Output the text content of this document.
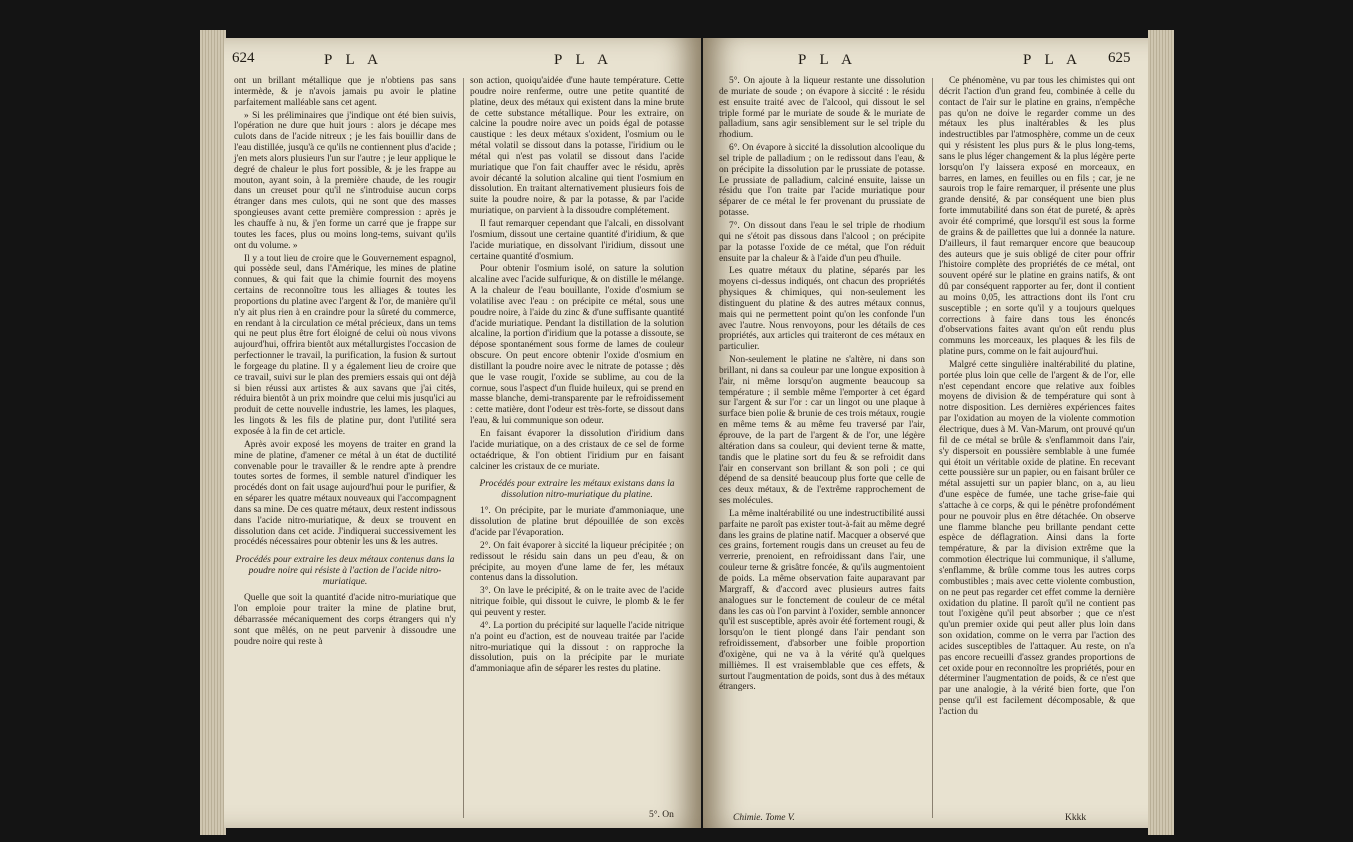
624	P L A	P L A

ont un brillant métallique que je n'obtiens pas sans intermède, & je n'avois jamais pu avoir le platine parfaitement malléable sans cet agent.

» Si les préliminaires que j'indique ont été bien suivis, l'opération ne dure que huit jours : alors je décape mes culots dans de l'acide nitreux ; je les fais bouillir dans de l'eau distillée, jusqu'à ce qu'ils ne contiennent plus d'acide ; j'en mets alors plusieurs l'un sur l'autre ; je leur applique le degré de chaleur le plus fort possible, & je les frappe au mouton, ayant soin, à la première chaude, de les rougir dans un creuset pour qu'il ne s'introduise aucun corps étranger dans mes culots, qui ne sont que des masses spongieuses avant cette première compression : après je les chauffe à nu, & j'en forme un carré que je frappe sur toutes les faces, plus ou moins long-tems, suivant qu'ils ont du volume. »

Il y a tout lieu de croire que le Gouvernement espagnol, qui possède seul, dans l'Amérique, les mines de platine connues, & qui fait que la chimie fournit des moyens certains de reconnoître tous les alliages & toutes les proportions du platine avec l'argent & l'or, de manière qu'il n'y ait plus rien à en craindre pour la sûreté du commerce, en rendant à la circulation ce métal précieux, dans un tems qui ne peut plus être fort éloigné de celui où nous vivons aujourd'hui, offrira bientôt aux métallurgistes l'occasion de perfectionner le travail, la purification, la fusion & surtout le forgeage du platine. Il y a également lieu de croire que ce travail, suivi sur le plan des premiers essais qui ont déjà si bien réussi aux artistes & aux savans que j'ai cités, réduira bientôt à un prix moindre que celui mis jusqu'ici au produit de cette nouvelle industrie, les lames, les plaques, les lingots & les fils de platine pur, dont l'utilité sera exposée à la fin de cet article.

Après avoir exposé les moyens de traiter en grand la mine de platine, d'amener ce métal à un état de ductilité convenable pour le travailler & le rendre apte à prendre toutes sortes de formes, il semble naturel d'indiquer les procédés dont on fait usage aujourd'hui pour le purifier, & en séparer les quatre métaux nouveaux qui l'accompagnent dans sa mine. De ces quatre métaux, deux restent indissous dans l'acide nitro-muriatique, & deux se trouvent en dissolution dans cet acide. J'indiquerai successivement les procédés nécessaires pour obtenir les uns & les autres.

Procédés pour extraire les deux métaux contenus dans la poudre noire qui résiste à l'action de l'acide nitro-muriatique.

Quelle que soit la quantité d'acide nitro-muriatique que l'on emploie pour traiter la mine de platine brut, débarrassée mécaniquement des corps étrangers qui n'y sont que mêlés, on ne peut parvenir à dissoudre une poudre noire qui reste à

son action, quoiqu'aidée d'une haute température. Cette poudre noire renferme, outre une petite quantité de platine, deux des métaux qui existent dans la mine brute de cette substance métallique. Pour les extraire, on calcine la poudre noire avec un poids égal de potasse caustique : les deux métaux s'oxident, l'osmium ou le métal volatil se dissout dans la potasse, l'iridium ou le métal qui n'est pas volatil se dissout dans l'acide muriatique que l'on fait chauffer avec le résidu, après avoir décanté la solution alcaline qui tient l'osmium en dissolution. En traitant alternativement plusieurs fois de suite la poudre noire, & par la potasse, & par l'acide muriatique, on parvient à la dissoudre complétement.

Il faut remarquer cependant que l'alcali, en dissolvant l'osmium, dissout une certaine quantité d'iridium, & que l'acide muriatique, en dissolvant l'iridium, dissout une certaine quantité d'osmium.

Pour obtenir l'osmium isolé, on sature la solution alcaline avec l'acide sulfurique, & on distille le mélange. A la chaleur de l'eau bouillante, l'oxide d'osmium se volatilise avec l'eau : on précipite ce métal, sous une poudre noire, à l'aide du zinc & d'une suffisante quantité d'acide muriatique. Pendant la distillation de la solution alcaline, la portion d'iridium que la potasse a dissoute, se dépose spontanément sous forme de lames de couleur obscure. On peut encore obtenir l'oxide d'osmium en distillant la poudre noire avec le nitrate de potasse ; dès que le vase rougit, l'oxide se sublime, au cou de la cornue, sous l'aspect d'un fluide huileux, qui se prend en masse blanche, demi-transparente par le refroidissement : cette matière, dont l'odeur est très-forte, se dissout dans l'eau, & lui communique son odeur.

En faisant évaporer la dissolution d'iridium dans l'acide muriatique, on a des cristaux de ce sel de forme octaédrique, & l'on obtient l'iridium pur en faisant calciner les cristaux de ce muriate.

Procédés pour extraire les métaux existans dans la dissolution nitro-muriatique du platine.

1°. On précipite, par le muriate d'ammoniaque, une dissolution de platine brut dépouillée de son excès d'acide par l'évaporation.

2°. On fait évaporer à siccité la liqueur précipitée ; on redissout le résidu sain dans un peu d'eau, & on précipite, au moyen d'une lame de fer, les métaux contenus dans la dissolution.

3°. On lave le précipité, & on le traite avec de l'acide nitrique foible, qui dissout le cuivre, le plomb & le fer qui peuvent y rester.

4°. La portion du précipité sur laquelle l'acide nitrique n'a point eu d'action, est de nouveau traitée par l'acide nitro-muriatique qui la dissout : on rapproche la dissolution, puis on la précipite par le muriate d'ammoniaque afin de séparer les restes du platine.

5°. On
P L A	P L A 625

5°. On ajoute à la liqueur restante une dissolution de muriate de soude ; on évapore à siccité : le résidu est ensuite traité avec de l'alcool, qui dissout le sel triple formé par le muriate de soude & le muriate de palladium, sans agir sensiblement sur le sel triple du rhodium.

6°. On évapore à siccité la dissolution alcoolique du sel triple de palladium ; on le redissout dans l'eau, & on précipite la dissolution par le prussiate de potasse. Le prussiate de palladium, calciné ensuite, laisse un résidu que l'on traite par l'acide muriatique pour séparer de ce métal le fer provenant du prussiate de potasse.

7°. On dissout dans l'eau le sel triple de rhodium qui ne s'étoit pas dissous dans l'alcool ; on précipite par la potasse l'oxide de ce métal, que l'on réduit ensuite par la chaleur & à l'aide d'un peu d'huile.

Les quatre métaux du platine, séparés par les moyens ci-dessus indiqués, ont chacun des propriétés physiques & chimiques, qui non-seulement les distinguent du platine & des autres métaux connus, mais qui ne permettent point qu'on les confonde l'un avec l'autre. Nous renvoyons, pour les détails de ces propriétés, aux articles qui traiteront de ces métaux en particulier.

Non-seulement le platine ne s'altère, ni dans son brillant, ni dans sa couleur par une longue exposition à l'air, ni même lorsqu'on augmente beaucoup sa température ; il semble même l'emporter à cet égard sur l'argent & sur l'or : car un lingot ou une plaque à surface bien polie & brunie de ces trois métaux, rougie en même tems & au même feu traversé par l'air, éprouve, de la part de l'argent & de l'or, une légère altération dans sa couleur, qui devient terne & matte, tandis que le platine sort du feu & se refroidit dans l'air en conservant son brillant & son poli ; ce qui dépend de sa densité beaucoup plus forte que celle de ces deux métaux, & de l'extrême rapprochement de ses molécules.

La même inaltérabilité ou une indestructibilité aussi parfaite ne paroît pas exister tout-à-fait au même degré dans les grains de platine natif. Macquer a observé que ces grains, fortement rougis dans un creuset au feu de verrerie, prenoient, en refroidissant dans l'air, une couleur terne & grisâtre foncée, & qu'ils augmentoient de poids. La même observation faite auparavant par Margraff, & d'accord avec plusieurs autres faits analogues sur le fonctement de couleur de ce métal dans les cas où l'on parvint à l'oxider, semble annoncer qu'il est susceptible, après avoir été fortement rougi, & lorsqu'on le tient plongé dans l'air pendant son refroidissement, d'absorber une foible proportion d'oxigène, qui ne va à la vérité qu'à quelques millièmes. Il est vraisemblable que ces effets, & surtout l'augmentation de poids, sont dus à des métaux étrangers.

Chimie. Tome V.

Ce phénomène, vu par tous les chimistes qui ont décrit l'action d'un grand feu, combinée à celle du contact de l'air sur le platine en grains, n'empêche pas qu'on ne doive le regarder comme un des métaux les plus inaltérables & les plus indestructibles par l'atmosphère, comme un de ceux qui y résistent les plus purs & le plus long-tems, sans le plus léger changement & la plus légère perte lorsqu'on l'y laissera exposé en morceaux, en barres, en lames, en feuilles ou en fils ; car, je ne saurois trop le faire remarquer, il présente une plus grande densité, & par conséquent une bien plus forte immutabilité dans son état de pureté, & après avoir été comprimé, que lorsqu'il est sous la forme de grains & de paillettes que lui a donnée la nature. D'ailleurs, il faut remarquer encore que beaucoup des auteurs que je suis obligé de citer pour offrir l'histoire complète des propriétés de ce métal, ont souvent opéré sur le platine en grains natifs, & ont dû par conséquent rapporter au fer, dont il contient au moins 0,05, les attractions dont ils l'ont cru susceptible ; en sorte qu'il y a toujours quelques corrections à faire dans tous les énoncés d'observations faites avant qu'on eût rendu plus communs les morceaux, les plaques & les fils de platine purs, comme on le fait aujourd'hui.

Malgré cette singulière inaltérabilité du platine, portée plus loin que celle de l'argent & de l'or, elle n'est cependant encore que relative aux foibles moyens de division & de température qui sont à notre disposition. Les dernières expériences faites par l'oxidation au moyen de la violente commotion électrique, dues à M. Van-Marum, ont prouvé qu'un fil de ce métal se brûle & s'enflammoit dans l'air, s'y dispersoit en poussière semblable à une fumée qui étoit un véritable oxide de platine. En recevant cette poussière sur un papier, ou en faisant brûler ce métal assujetti sur un papier blanc, on a, au lieu d'une espèce de fumée, une tache grise-faie qui s'attache à ce corps, & qui le pénètre profondément pour ne pouvoir plus en être détachée. On observe une flamme blanche peu brillante pendant cette espèce de déflagration. Ainsi dans la forte température, & par la division extrême que la commotion électrique lui communique, il s'allume, s'enflamme, & brûle comme tous les autres corps combustibles ; mais avec cette violente combustion, on ne peut pas regarder cet effet comme la dernière oxidation du platine. Il paroît qu'il ne contient pas tout l'oxigène qu'il peut absorber ; que ce n'est qu'un premier oxide qui peut aller plus loin dans son oxidation, comme on le verra par l'action des acides susceptibles de l'attaquer. Au reste, on n'a pas encore recueilli d'assez grandes proportions de cet oxide pour en reconnoître les propriétés, pour en déterminer l'augmentation de poids, & ce n'est que par une analogie, à la vérité bien forte, que l'on pense qu'il est facilement décomposable, & que l'action du

Kkkk
